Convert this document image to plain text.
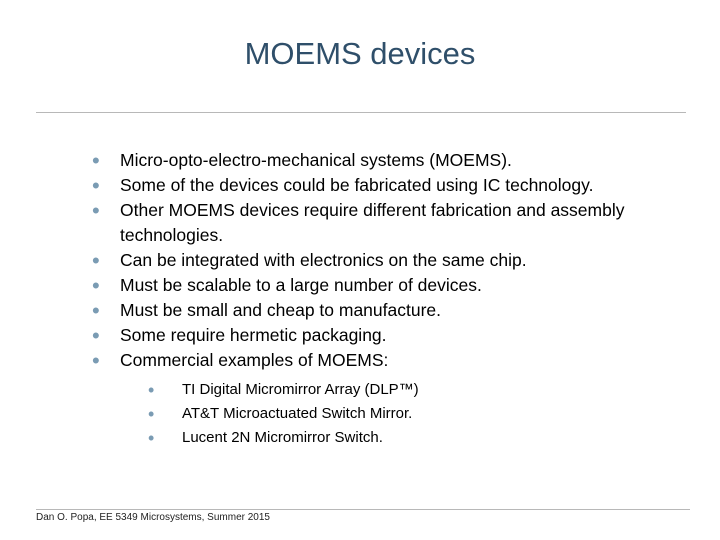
MOEMS devices
• Micro-opto-electro-mechanical systems (MOEMS).
• Some of the devices could be fabricated using IC technology.
• Other MOEMS devices require different fabrication and assembly technologies.
• Can be integrated with electronics on the same chip.
• Must be scalable to a large number of devices.
• Must be small and cheap to manufacture.
• Some require hermetic packaging.
• Commercial examples of MOEMS:
• TI Digital Micromirror Array (DLP™)
• AT&T Microactuated Switch Mirror.
• Lucent 2N Micromirror Switch.
Dan O. Popa, EE 5349 Microsystems, Summer 2015
